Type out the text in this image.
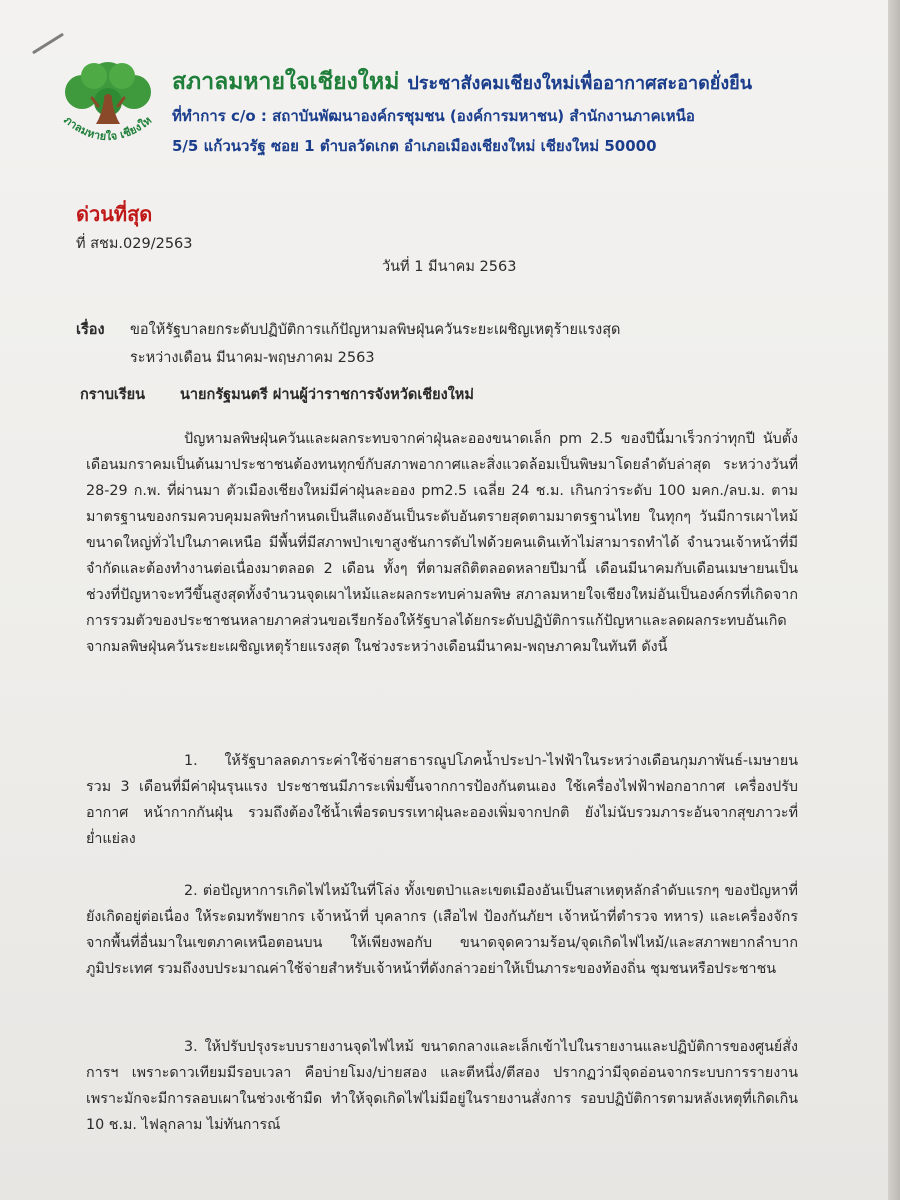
ภาลมหายใจ เชียงให
สภาลมหายใจเชียงใหม่ ประชาสังคมเชียงใหม่เพื่ออากาศสะอาดยั่งยืน
ที่ทำการ c/o : สถาบันพัฒนาองค์กรชุมชน (องค์การมหาชน) สำนักงานภาคเหนือ
5/5 แก้วนวรัฐ ซอย 1 ตำบลวัดเกต อำเภอเมืองเชียงใหม่ เชียงใหม่ 50000
ด่วนที่สุด
ที่ สชม.029/2563
วันที่ 1 มีนาคม 2563
เรื่อง ขอให้รัฐบาลยกระดับปฏิบัติการแก้ปัญหามลพิษฝุ่นควันระยะเผชิญเหตุร้ายแรงสุด
ระหว่างเดือน มีนาคม-พฤษภาคม 2563
กราบเรียน นายกรัฐมนตรี ผ่านผู้ว่าราชการจังหวัดเชียงใหม่

ปัญหามลพิษฝุ่นควันและผลกระทบจากค่าฝุ่นละอองขนาดเล็ก pm 2.5 ของปีนี้มาเร็วกว่าทุกปี นับตั้งเดือนมกราคมเป็นต้นมาประชาชนต้องทนทุกข์กับสภาพอากาศและสิ่งแวดล้อมเป็นพิษมาโดยลำดับล่าสุด ระหว่างวันที่ 28-29 ก.พ. ที่ผ่านมา ตัวเมืองเชียงใหม่มีค่าฝุ่นละออง pm2.5 เฉลี่ย 24 ช.ม. เกินกว่าระดับ 100 มคก./ลบ.ม. ตามมาตรฐานของกรมควบคุมมลพิษกำหนดเป็นสีแดงอันเป็นระดับอันตรายสุดตามมาตรฐานไทย ในทุกๆ วันมีการเผาไหม้ขนาดใหญ่ทั่วไปในภาคเหนือ มีพื้นที่มีสภาพป่าเขาสูงชันการดับไฟด้วยคนเดินเท้าไม่สามารถทำได้ จำนวนเจ้าหน้าที่มีจำกัดและต้องทำงานต่อเนื่องมาตลอด 2 เดือน ทั้งๆ ที่ตามสถิติตลอดหลายปีมานี้ เดือนมีนาคมกับเดือนเมษายนเป็นช่วงที่ปัญหาจะทวีขึ้นสูงสุดทั้งจำนวนจุดเผาไหม้และผลกระทบค่ามลพิษ สภาลมหายใจเชียงใหม่อันเป็นองค์กรที่เกิดจากการรวมตัวของประชาชนหลายภาคส่วนขอเรียกร้องให้รัฐบาลได้ยกระดับปฏิบัติการแก้ปัญหาและลดผลกระทบอันเกิดจากมลพิษฝุ่นควันระยะเผชิญเหตุร้ายแรงสุด ในช่วงระหว่างเดือนมีนาคม-พฤษภาคมในทันที ดังนี้

1. ให้รัฐบาลลดภาระค่าใช้จ่ายสาธารณูปโภคน้ำประปา-ไฟฟ้าในระหว่างเดือนกุมภาพันธ์-เมษายน รวม 3 เดือนที่มีค่าฝุ่นรุนแรง ประชาชนมีภาระเพิ่มขึ้นจากการป้องกันตนเอง ใช้เครื่องไฟฟ้าฟอกอากาศ เครื่องปรับอากาศ หน้ากากกันฝุ่น รวมถึงต้องใช้น้ำเพื่อรดบรรเทาฝุ่นละอองเพิ่มจากปกติ ยังไม่นับรวมภาระอันจากสุขภาวะที่ย่ำแย่ลง

2. ต่อปัญหาการเกิดไฟไหม้ในที่โล่ง ทั้งเขตป่าและเขตเมืองอันเป็นสาเหตุหลักลำดับแรกๆ ของปัญหาที่ยังเกิดอยู่ต่อเนื่อง ให้ระดมทรัพยากร เจ้าหน้าที่ บุคลากร (เสือไฟ ป้องกันภัยฯ เจ้าหน้าที่ตำรวจ ทหาร) และเครื่องจักรจากพื้นที่อื่นมาในเขตภาคเหนือตอนบน ให้เพียงพอกับ ขนาดจุดความร้อน/จุดเกิดไฟไหม้/และสภาพยากลำบากภูมิประเทศ รวมถึงงบประมาณค่าใช้จ่ายสำหรับเจ้าหน้าที่ดังกล่าวอย่าให้เป็นภาระของท้องถิ่น ชุมชนหรือประชาชน

3. ให้ปรับปรุงระบบรายงานจุดไฟไหม้ ขนาดกลางและเล็กเข้าไปในรายงานและปฏิบัติการของศูนย์สั่งการฯ เพราะดาวเทียมมีรอบเวลา คือบ่ายโมง/บ่ายสอง และตีหนึ่ง/ตีสอง ปรากฏว่ามีจุดอ่อนจากระบบการรายงาน เพราะมักจะมีการลอบเผาในช่วงเช้ามืด ทำให้จุดเกิดไฟไม่มีอยู่ในรายงานสั่งการ รอบปฏิบัติการตามหลังเหตุที่เกิดเกิน 10 ช.ม. ไฟลุกลาม ไม่ทันการณ์
